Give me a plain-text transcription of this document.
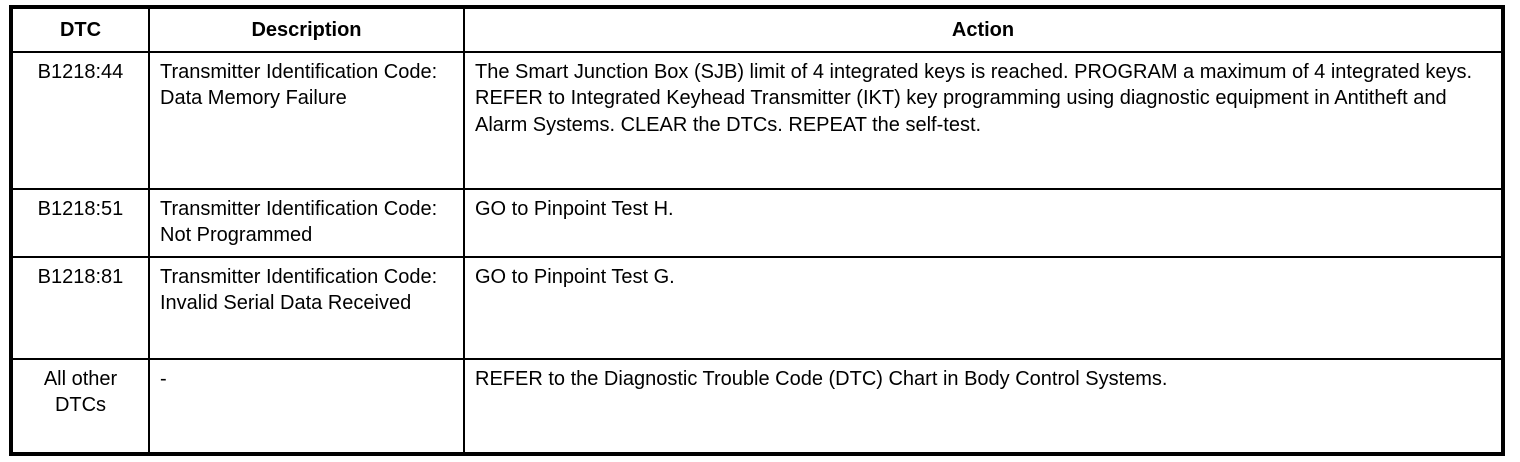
DTC	Description	Action
B1218:44	Transmitter Identification Code: Data Memory Failure	The Smart Junction Box (SJB) limit of 4 integrated keys is reached. PROGRAM a maximum of 4 integrated keys. REFER to Integrated Keyhead Transmitter (IKT) key programming using diagnostic equipment in Antitheft and Alarm Systems. CLEAR the DTCs. REPEAT the self-test.
B1218:51	Transmitter Identification Code: Not Programmed	GO to Pinpoint Test H.
B1218:81	Transmitter Identification Code: Invalid Serial Data Received	GO to Pinpoint Test G.
All other DTCs	-	REFER to the Diagnostic Trouble Code (DTC) Chart in Body Control Systems.
